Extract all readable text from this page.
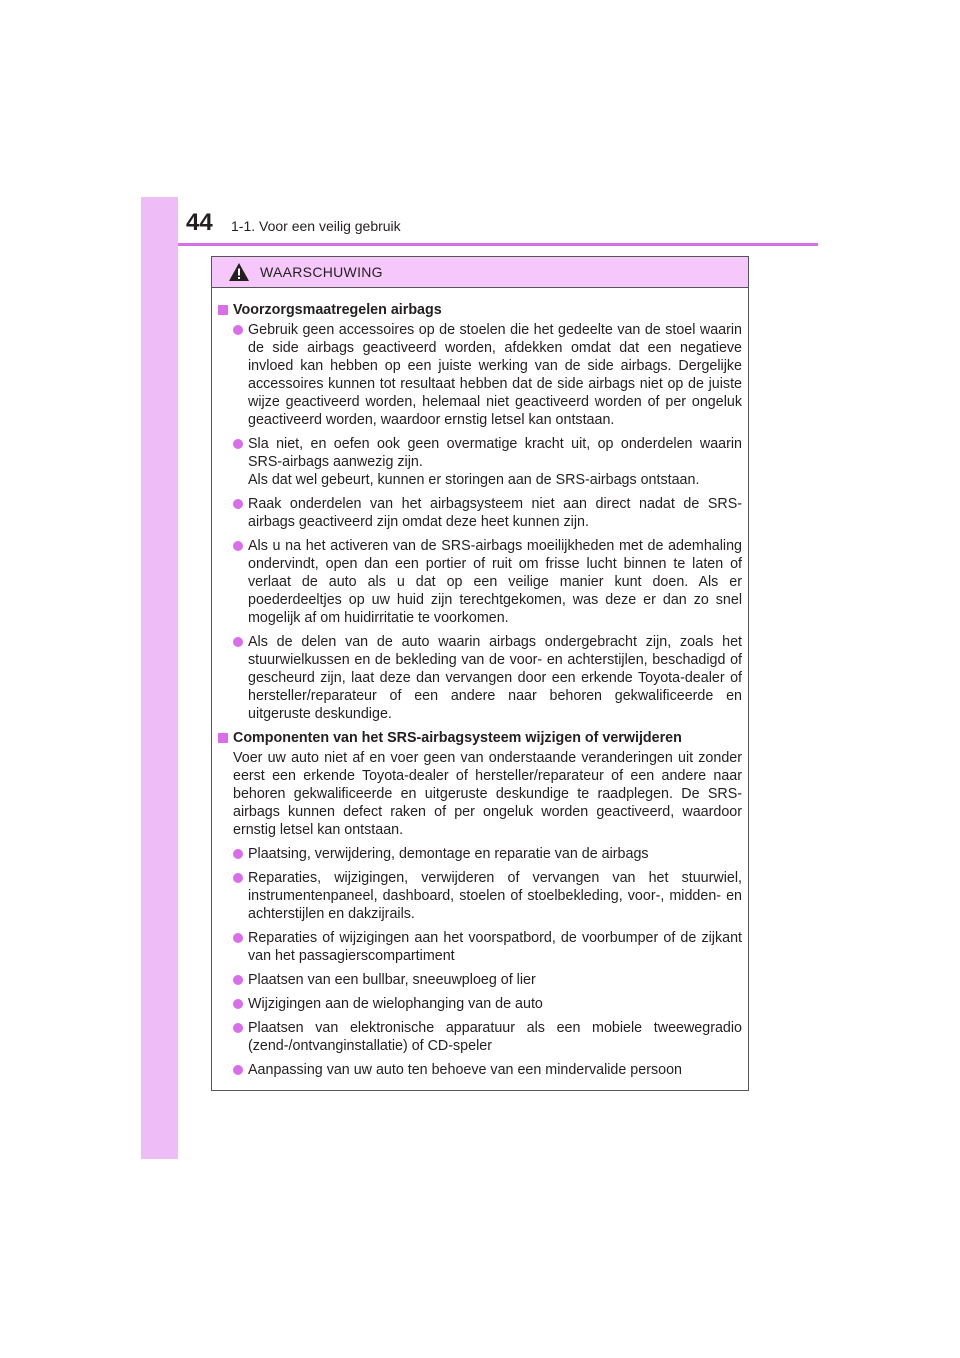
44 1-1. Voor een veilig gebruik
WAARSCHUWING
Voorzorgsmaatregelen airbags
Gebruik geen accessoires op de stoelen die het gedeelte van de stoel waarin de side airbags geactiveerd worden, afdekken omdat dat een negatieve invloed kan hebben op een juiste werking van de side airbags. Dergelijke accessoires kunnen tot resultaat hebben dat de side airbags niet op de juiste wijze geactiveerd worden, helemaal niet geactiveerd worden of per ongeluk geactiveerd worden, waardoor ernstig letsel kan ontstaan.
Sla niet, en oefen ook geen overmatige kracht uit, op onderdelen waarin SRS-airbags aanwezig zijn.
Als dat wel gebeurt, kunnen er storingen aan de SRS-airbags ontstaan.
Raak onderdelen van het airbagsysteem niet aan direct nadat de SRS-airbags geactiveerd zijn omdat deze heet kunnen zijn.
Als u na het activeren van de SRS-airbags moeilijkheden met de ademhaling ondervindt, open dan een portier of ruit om frisse lucht binnen te laten of verlaat de auto als u dat op een veilige manier kunt doen. Als er poederdeeltjes op uw huid zijn terechtgekomen, was deze er dan zo snel mogelijk af om huidirritatie te voorkomen.
Als de delen van de auto waarin airbags ondergebracht zijn, zoals het stuurwielkussen en de bekleding van de voor- en achterstijlen, beschadigd of gescheurd zijn, laat deze dan vervangen door een erkende Toyota-dealer of hersteller/reparateur of een andere naar behoren gekwalificeerde en uitgeruste deskundige.
Componenten van het SRS-airbagsysteem wijzigen of verwijderen
Voer uw auto niet af en voer geen van onderstaande veranderingen uit zonder eerst een erkende Toyota-dealer of hersteller/reparateur of een andere naar behoren gekwalificeerde en uitgeruste deskundige te raadplegen. De SRS-airbags kunnen defect raken of per ongeluk worden geactiveerd, waardoor ernstig letsel kan ontstaan.
Plaatsing, verwijdering, demontage en reparatie van de airbags
Reparaties, wijzigingen, verwijderen of vervangen van het stuurwiel, instrumentenpaneel, dashboard, stoelen of stoelbekleding, voor-, midden- en achterstijlen en dakzijrails.
Reparaties of wijzigingen aan het voorspatbord, de voorbumper of de zijkant van het passagierscompartiment
Plaatsen van een bullbar, sneeuwploeg of lier
Wijzigingen aan de wielophanging van de auto
Plaatsen van elektronische apparatuur als een mobiele tweewegradio (zend-/ontvanginstallatie) of CD-speler
Aanpassing van uw auto ten behoeve van een mindervalide persoon
